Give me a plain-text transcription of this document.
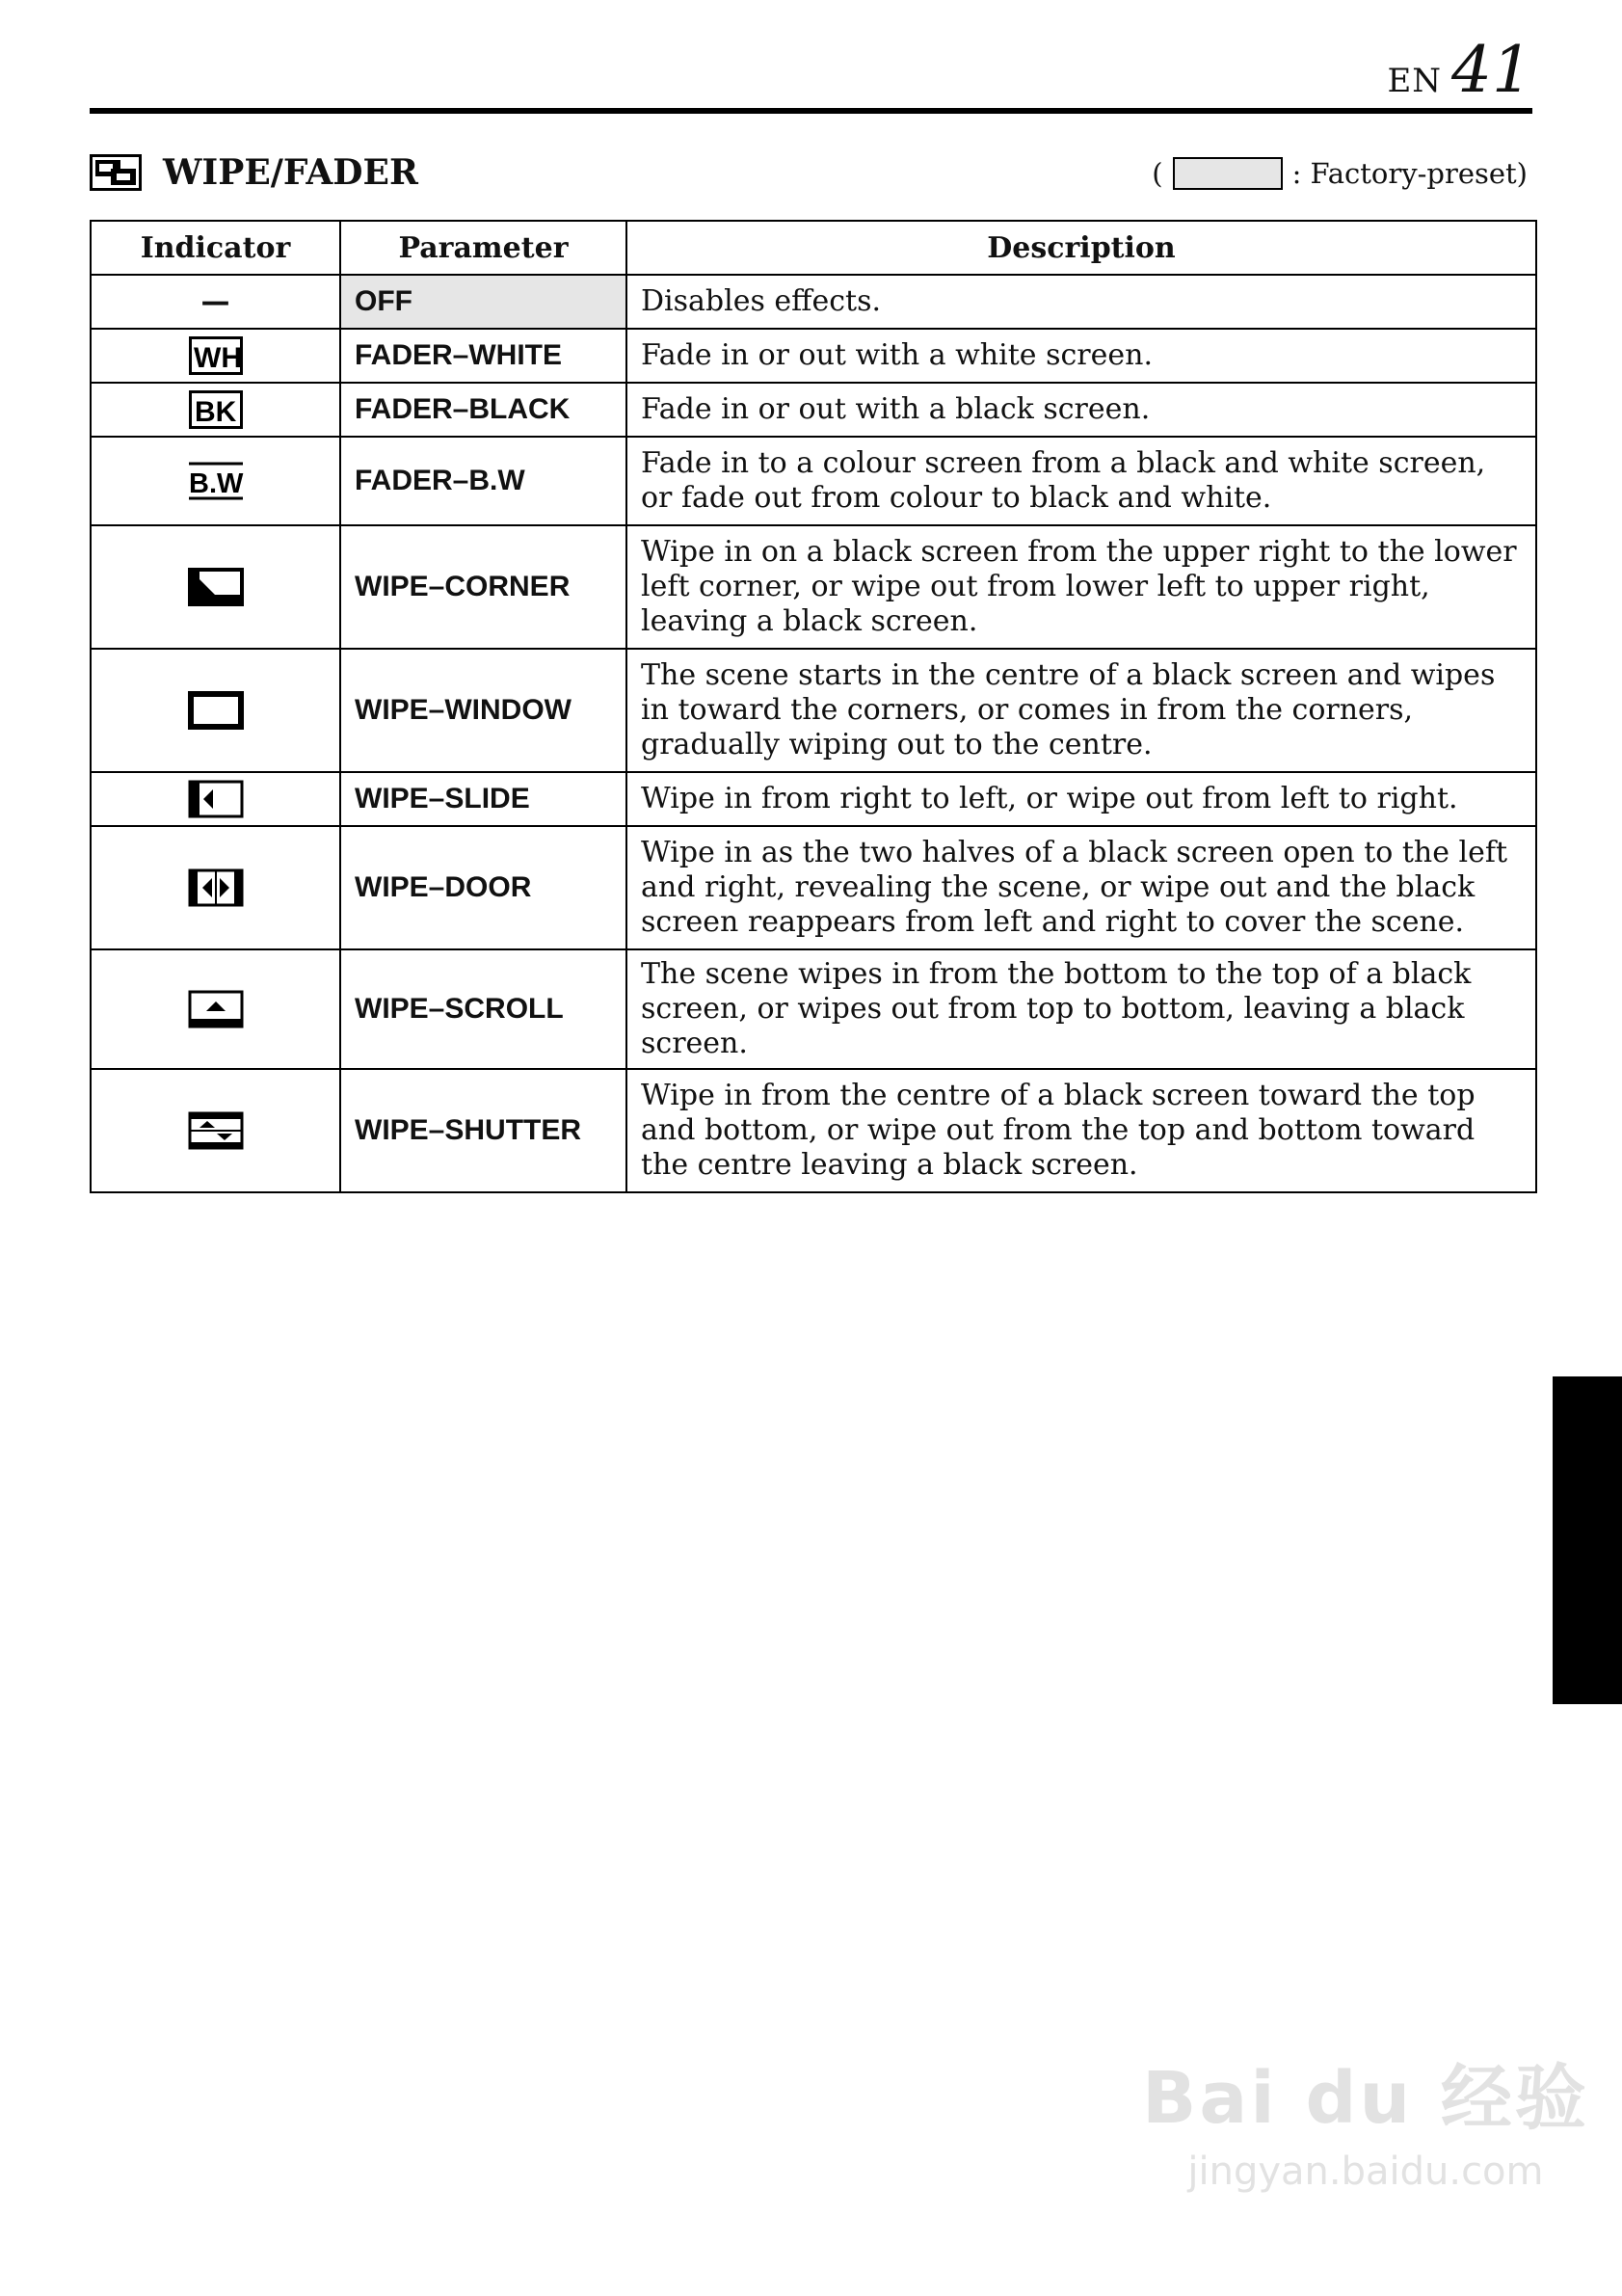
EN 41
WIPE/FADER	(	: Factory-preset)
Indicator	Parameter	Description
—	OFF	Disables effects.

WH	FADER–WHITE	Fade in or out with a white screen.

BK	FADER–BLACK	Fade in or out with a black screen.

B.W	FADER–B.W	Fade in to a colour screen from a black and white screen, or fade out from colour to black and white.
	WIPE–CORNER	Wipe in on a black screen from the upper right to the lower left corner, or wipe out from lower left to upper right, leaving a black screen.
	WIPE–WINDOW	The scene starts in the centre of a black screen and wipes in toward the corners, or comes in from the corners, gradually wiping out to the centre.
	WIPE–SLIDE	Wipe in from right to left, or wipe out from left to right.
	WIPE–DOOR	Wipe in as the two halves of a black screen open to the left and right, revealing the scene, or wipe out and the black screen reappears from left and right to cover the scene.
	WIPE–SCROLL	The scene wipes in from the bottom to the top of a black screen, or wipes out from top to bottom, leaving a black screen.
	WIPE–SHUTTER	Wipe in from the centre of a black screen toward the top and bottom, or wipe out from the top and bottom toward the centre leaving a black screen.
Bai du 经验
jingyan.baidu.com
